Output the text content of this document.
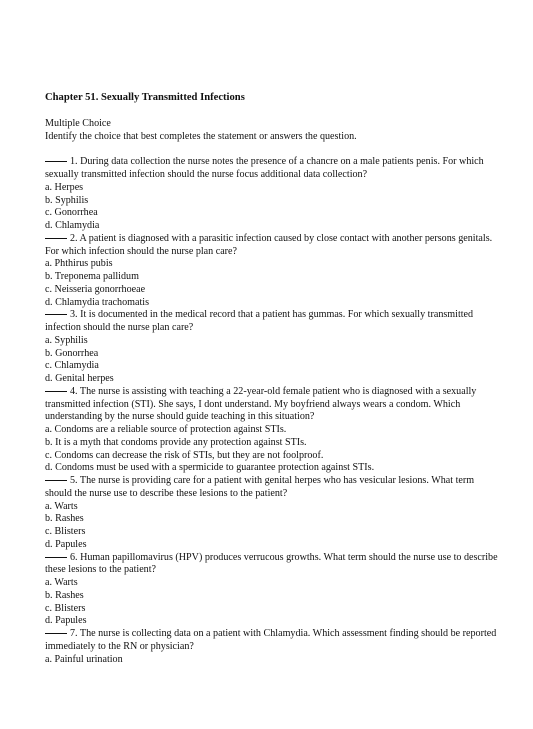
Chapter 51. Sexually Transmitted Infections
Multiple Choice
Identify the choice that best completes the statement or answers the question.
1. During data collection the nurse notes the presence of a chancre on a male patients penis. For which sexually transmitted infection should the nurse focus additional data collection?
a. Herpes
b. Syphilis
c. Gonorrhea
d. Chlamydia
2. A patient is diagnosed with a parasitic infection caused by close contact with another persons genitals. For which infection should the nurse plan care?
a. Phthirus pubis
b. Treponema pallidum
c. Neisseria gonorrhoeae
d. Chlamydia trachomatis
3. It is documented in the medical record that a patient has gummas. For which sexually transmitted infection should the nurse plan care?
a. Syphilis
b. Gonorrhea
c. Chlamydia
d. Genital herpes
4. The nurse is assisting with teaching a 22-year-old female patient who is diagnosed with a sexually transmitted infection (STI). She says, I dont understand. My boyfriend always wears a condom. Which understanding by the nurse should guide teaching in this situation?
a. Condoms are a reliable source of protection against STIs.
b. It is a myth that condoms provide any protection against STIs.
c. Condoms can decrease the risk of STIs, but they are not foolproof.
d. Condoms must be used with a spermicide to guarantee protection against STIs.
5. The nurse is providing care for a patient with genital herpes who has vesicular lesions. What term should the nurse use to describe these lesions to the patient?
a. Warts
b. Rashes
c. Blisters
d. Papules
6. Human papillomavirus (HPV) produces verrucous growths. What term should the nurse use to describe these lesions to the patient?
a. Warts
b. Rashes
c. Blisters
d. Papules
7. The nurse is collecting data on a patient with Chlamydia. Which assessment finding should be reported immediately to the RN or physician?
a. Painful urination
